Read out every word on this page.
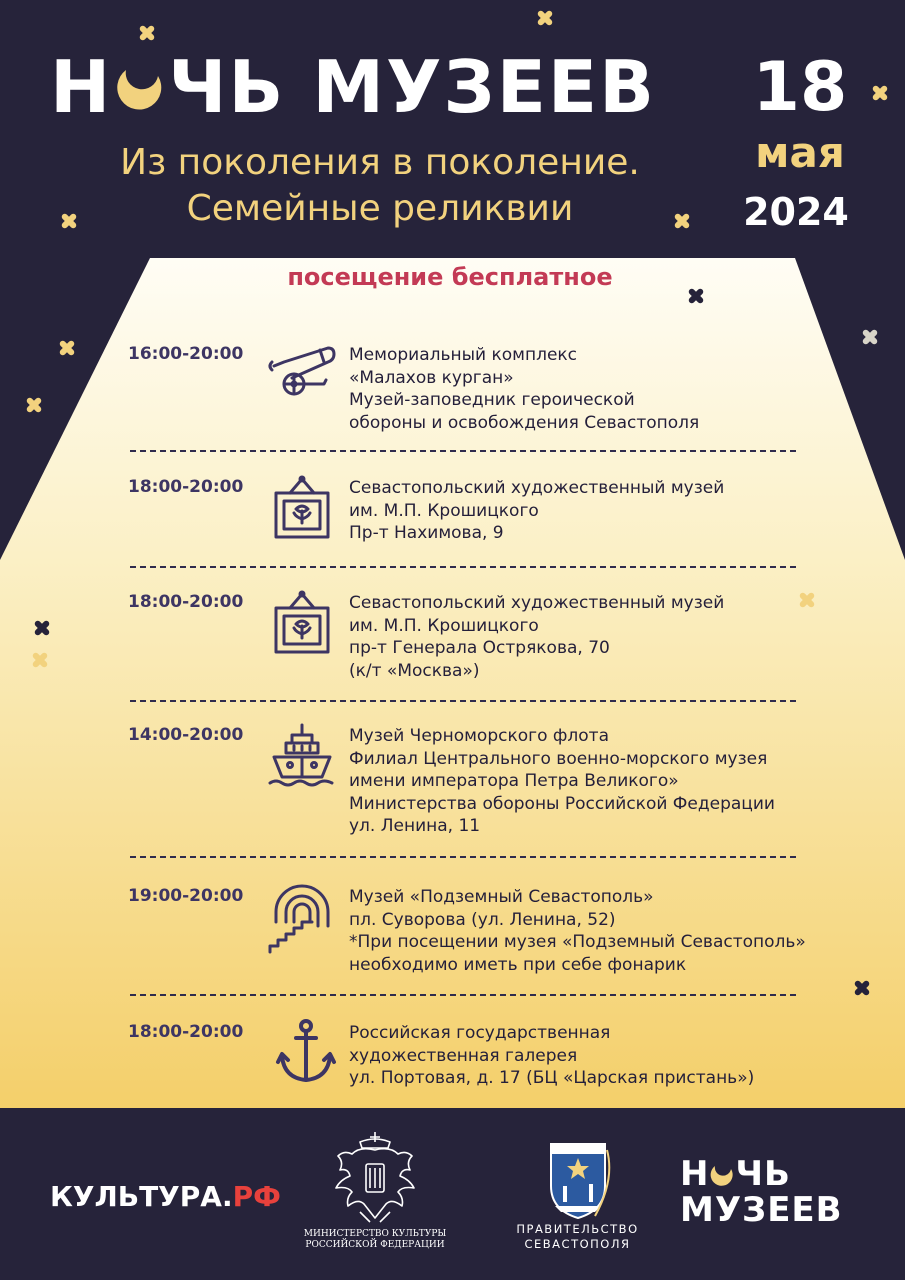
Н ЧЬ МУЗЕЕВ
Из поколения в поколение.
Семейные реликвии
18
мая
2024
посещение бесплатное
16:00-20:00	Мемориальный комплекс
«Малахов курган»
Музей-заповедник героической
обороны и освобождения Севастополя
18:00-20:00	Севастопольский художественный музей
им. М.П. Крошицкого
Пр-т Нахимова, 9
18:00-20:00	Севастопольский художественный музей
им. М.П. Крошицкого
пр-т Генерала Острякова, 70
(к/т «Москва»)
14:00-20:00	Музей Черноморского флота
Филиал Центрального военно-морского музея
имени императора Петра Великого»
Министерства обороны Российской Федерации
ул. Ленина, 11
19:00-20:00	Музей «Подземный Севастополь»
пл. Суворова (ул. Ленина, 52)
*При посещении музея «Подземный Севастополь»
необходимо иметь при себе фонарик
18:00-20:00	Российская государственная
художественная галерея
ул. Портовая, д. 17 (БЦ «Царская пристань»)
КУЛЬТУРА.РФ
МИНИСТЕРСТВО КУЛЬТУРЫ
РОССИЙСКОЙ ФЕДЕРАЦИИ
ПРАВИТЕЛЬСТВО
СЕВАСТОПОЛЯ
Н ЧЬ
МУЗЕЕВ
